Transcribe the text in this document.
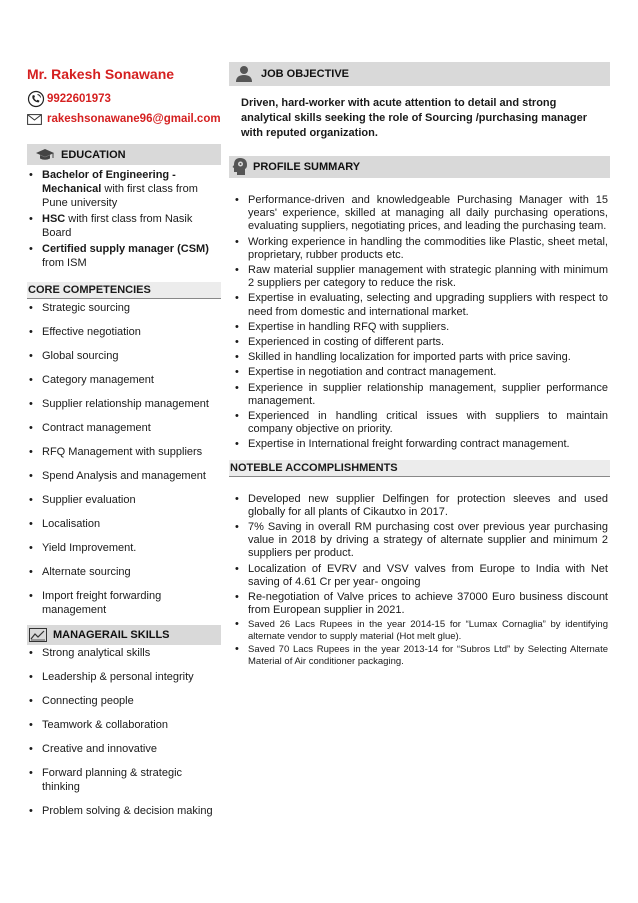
Mr. Rakesh Sonawane
9922601973
rakeshsonawane96@gmail.com
EDUCATION
• Bachelor of Engineering - Mechanical with first class from Pune university
• HSC with first class from Nasik Board
• Certified supply manager (CSM) from ISM
CORE COMPETENCIES
• Strategic sourcing
• Effective negotiation
• Global sourcing
• Category management
• Supplier relationship management
• Contract management
• RFQ Management with suppliers
• Spend Analysis and management
• Supplier evaluation
• Localisation
• Yield Improvement.
• Alternate sourcing
• Import freight forwarding management
MANAGERAIL SKILLS
• Strong analytical skills
• Leadership & personal integrity
• Connecting people
• Teamwork & collaboration
• Creative and innovative
• Forward planning & strategic thinking
• Problem solving & decision making
JOB OBJECTIVE
Driven, hard-worker with acute attention to detail and strong analytical skills seeking the role of Sourcing /purchasing manager with reputed organization.
PROFILE SUMMARY
• Performance-driven and knowledgeable Purchasing Manager with 15 years' experience, skilled at managing all daily purchasing operations, evaluating suppliers, negotiating prices, and leading the purchasing team.
• Working experience in handling the commodities like Plastic, sheet metal, proprietary, rubber products etc.
• Raw material supplier management with strategic planning with minimum 2 suppliers per category to reduce the risk.
• Expertise in evaluating, selecting and upgrading suppliers with respect to need from domestic and international market.
• Expertise in handling RFQ with suppliers.
• Experienced in costing of different parts.
• Skilled in handling localization for imported parts with price saving.
• Expertise in negotiation and contract management.
• Experience in supplier relationship management, supplier performance management.
• Experienced in handling critical issues with suppliers to maintain company objective on priority.
• Expertise in International freight forwarding contract management.
NOTEBLE ACCOMPLISHMENTS
• Developed new supplier Delfingen for protection sleeves and used globally for all plants of Cikautxo in 2017.
• 7% Saving in overall RM purchasing cost over previous year purchasing value in 2018 by driving a strategy of alternate supplier and minimum 2 suppliers per product.
• Localization of EVRV and VSV valves from Europe to India with Net saving of 4.61 Cr per year- ongoing
• Re-negotiation of Valve prices to achieve 37000 Euro business discount from European supplier in 2021.
• Saved 26 Lacs Rupees in the year 2014-15 for “Lumax Cornaglia” by identifying alternate vendor to supply material (Hot melt glue).
• Saved 70 Lacs Rupees in the year 2013-14 for “Subros Ltd” by Selecting Alternate Material of Air conditioner packaging.
